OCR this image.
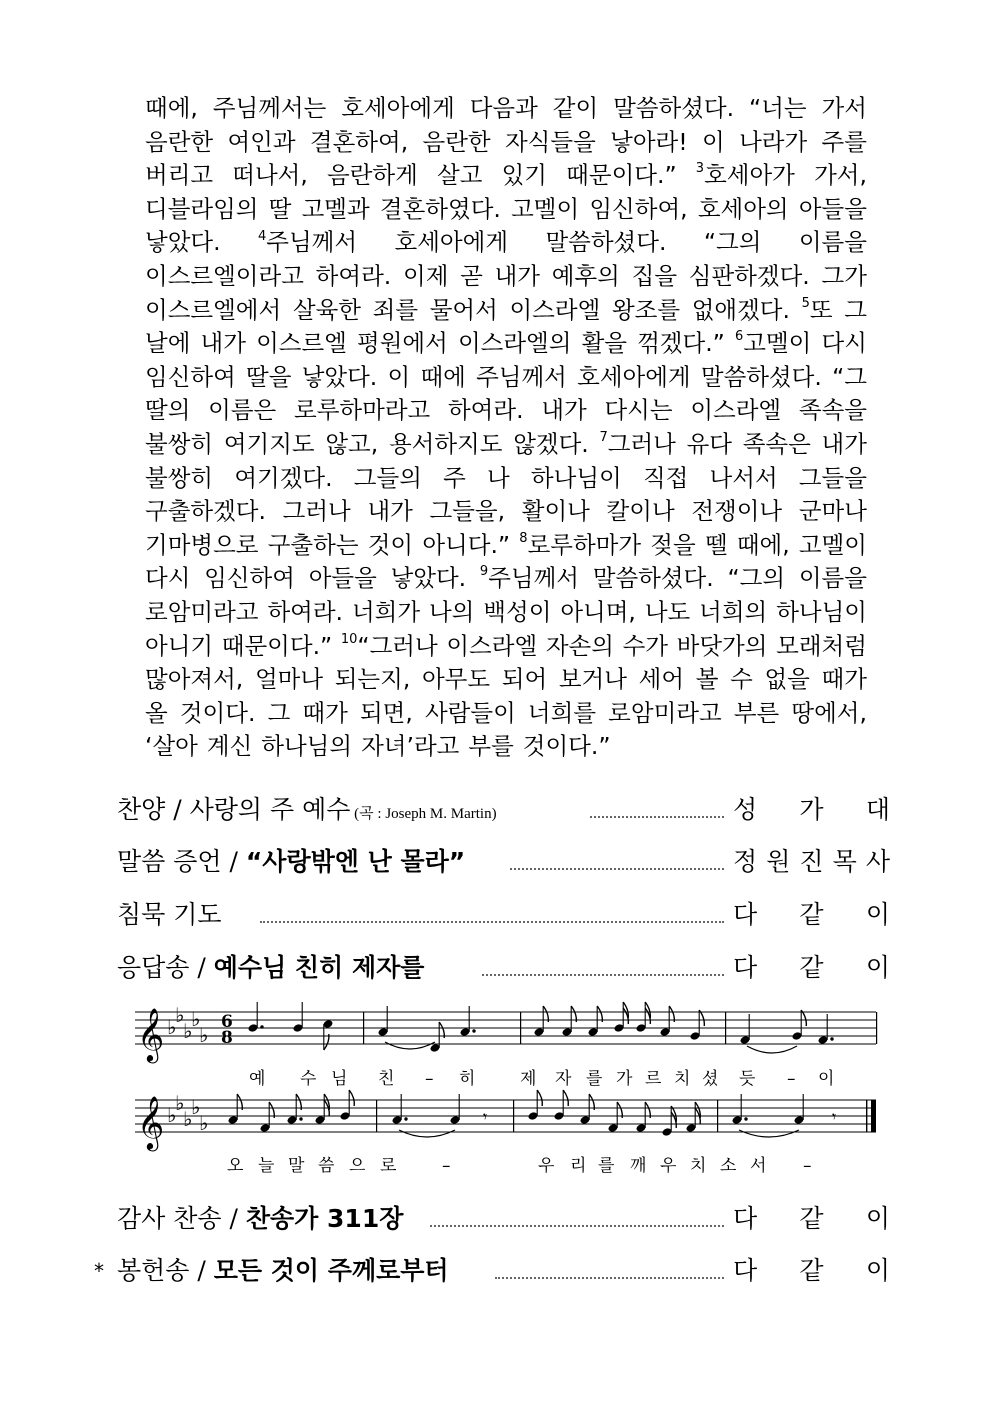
때에, 주님께서는 호세아에게 다음과 같이 말씀하셨다. “너는 가서
음란한 여인과 결혼하여, 음란한 자식들을 낳아라! 이 나라가 주를
버리고 떠나서, 음란하게 살고 있기 때문이다.” $^3$호세아가 가서,
디블라임의 딸 고멜과 결혼하였다. 고멜이 임신하여, 호세아의 아들을
낳았다.	$^4$주님께서 호세아에게 말씀하셨다. “그의 이름을
이스르엘이라고 하여라. 이제 곧 내가 예후의 집을 심판하겠다. 그가
이스르엘에서 살육한 죄를 물어서 이스라엘 왕조를 없애겠다. $^5$또 그
날에 내가 이스르엘 평원에서 이스라엘의 활을 꺾겠다.” $^6$고멜이 다시
임신하여 딸을 낳았다. 이 때에 주님께서 호세아에게 말씀하셨다. “그
딸의 이름은 로루하마라고 하여라. 내가 다시는 이스라엘 족속을
불쌍히 여기지도 않고, 용서하지도 않겠다. $^7$그러나 유다 족속은 내가
불쌍히 여기겠다. 그들의 주 나 하나님이 직접 나서서 그들을
구출하겠다. 그러나 내가 그들을, 활이나 칼이나 전쟁이나 군마나
기마병으로 구출하는 것이 아니다.” $^8$로루하마가 젖을 뗄 때에, 고멜이
다시 임신하여 아들을 낳았다. $^9$주님께서 말씀하셨다. “그의 이름을
로암미라고 하여라. 너희가 나의 백성이 아니며, 나도 너희의 하나님이
아니기 때문이다.” $^{10}$“그러나 이스라엘 자손의 수가 바닷가의 모래처럼
많아져서, 얼마나 되는지, 아무도 되어 보거나 세어 볼 수 없을 때가
올 것이다. 그 때가 되면, 사람들이 너희를 로암미라고 부른 땅에서,
‘살아 계신 하나님의 자녀’라고 부를 것이다.”
찬양 / 사랑의 주 예수 (곡 : Joseph M. Martin)	성 가 대
말씀 증언 / “사랑밖엔 난 몰라”	정 원 진 목 사
침묵 기도	다 같 이
응답송 / 예수님 친히 제자를	다 같 이
감사 찬송 / 찬송가 311장	다 같 이
* 봉헌송 / 모든 것이 주께로부터	다 같 이
𝄞 ♭
♭
♭
♭
♭
6
8
𝄞 ♭
♭
♭
♭
♭	𝄾	𝄾
예 수 님 친 – 히	제 자 를 가 르 치 셨 듯 – 이
오 늘 말 씀 으 로	–	우 리 를 깨 우 치 소 서 –
